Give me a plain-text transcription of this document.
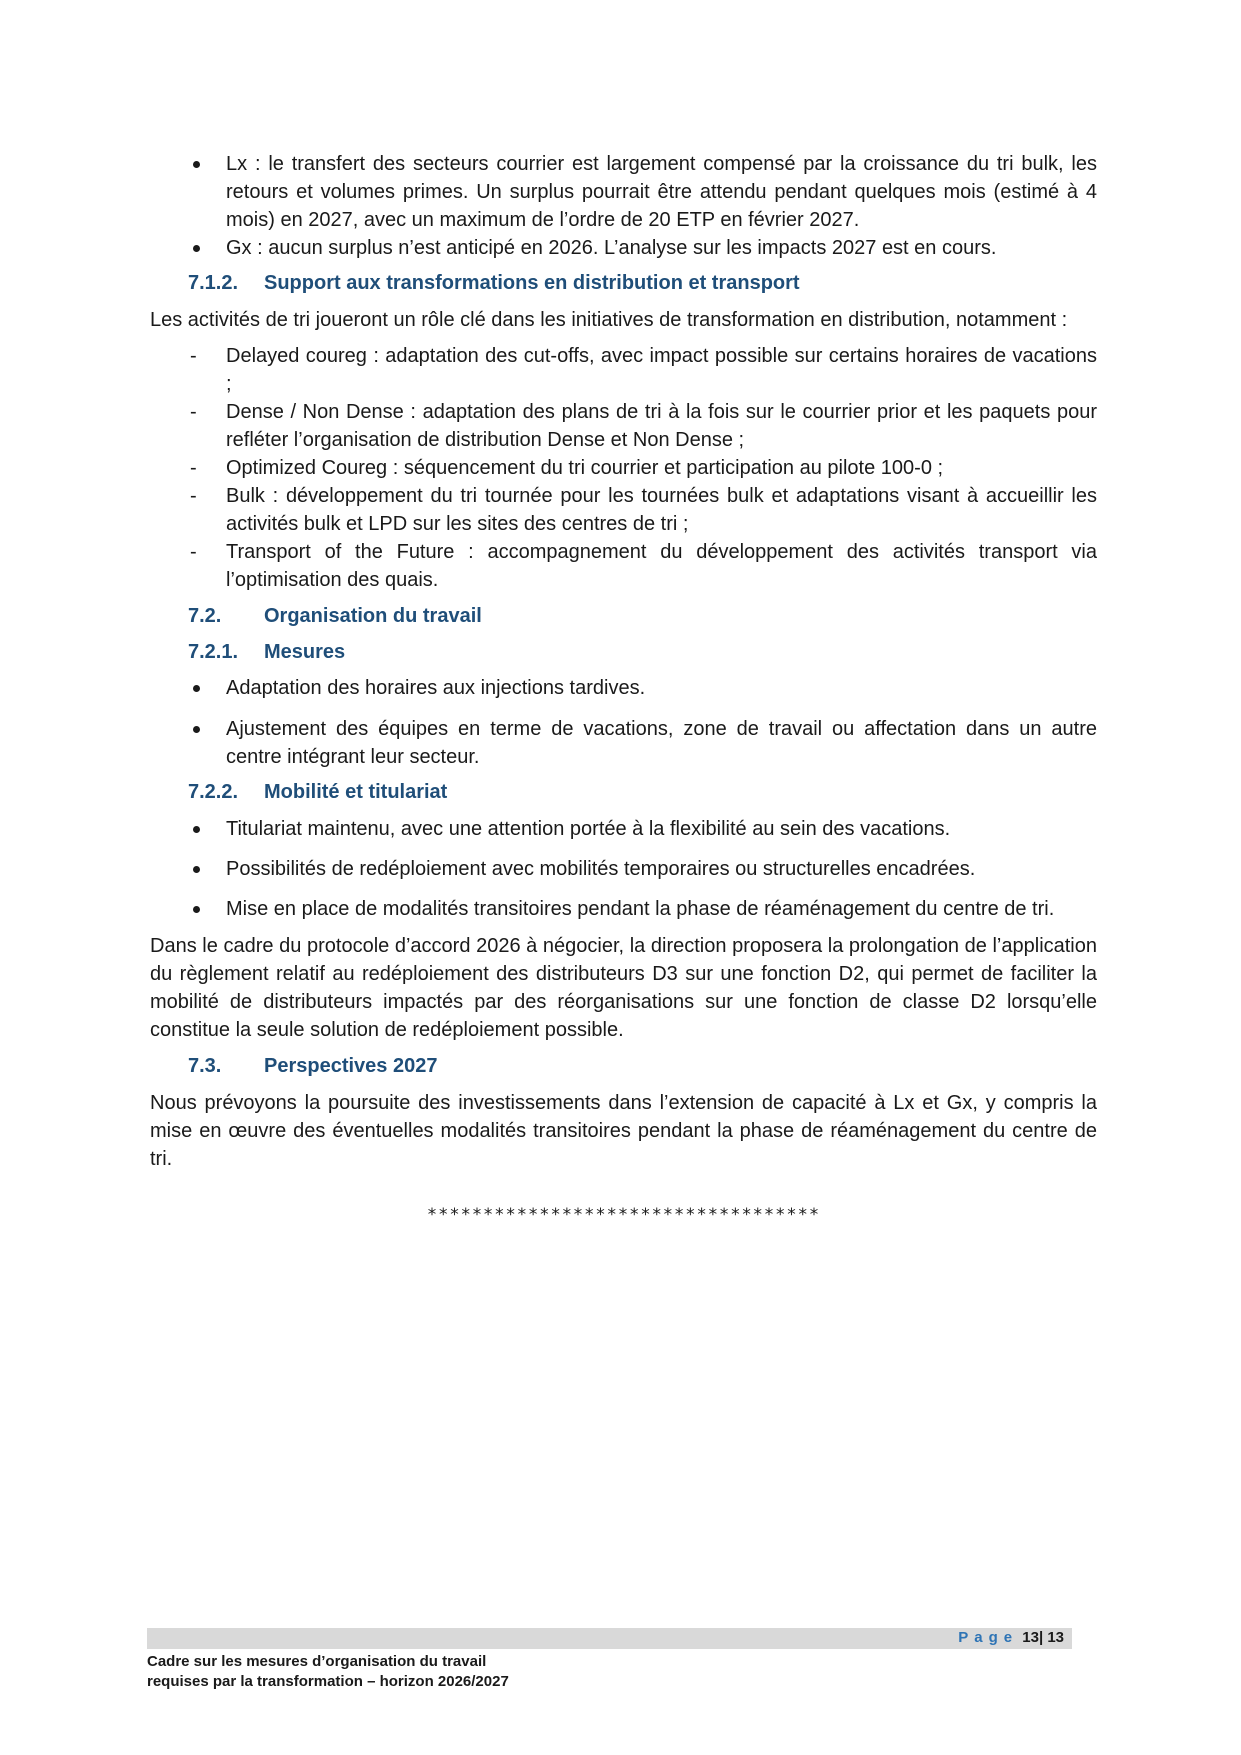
Lx : le transfert des secteurs courrier est largement compensé par la croissance du tri bulk, les retours et volumes primes. Un surplus pourrait être attendu pendant quelques mois (estimé à 4 mois) en 2027, avec un maximum de l’ordre de 20 ETP en février 2027.
Gx : aucun surplus n’est anticipé en 2026. L’analyse sur les impacts 2027 est en cours.
7.1.2. Support aux transformations en distribution et transport

Les activités de tri joueront un rôle clé dans les initiatives de transformation en distribution, notamment :

-	Delayed coureg : adaptation des cut-offs, avec impact possible sur certains horaires de vacations ;
-	Dense / Non Dense : adaptation des plans de tri à la fois sur le courrier prior et les paquets pour refléter l’organisation de distribution Dense et Non Dense ;
-	Optimized Coureg : séquencement du tri courrier et participation au pilote 100-0 ;
-	Bulk : développement du tri tournée pour les tournées bulk et adaptations visant à accueillir les activités bulk et LPD sur les sites des centres de tri ;
-	Transport of the Future : accompagnement du développement des activités transport via l’optimisation des quais.
7.2. Organisation du travail
7.2.1. Mesures
Adaptation des horaires aux injections tardives.
Ajustement des équipes en terme de vacations, zone de travail ou affectation dans un autre centre intégrant leur secteur.
7.2.2. Mobilité et titulariat
Titulariat maintenu, avec une attention portée à la flexibilité au sein des vacations.
Possibilités de redéploiement avec mobilités temporaires ou structurelles encadrées.
Mise en place de modalités transitoires pendant la phase de réaménagement du centre de tri.

Dans le cadre du protocole d’accord 2026 à négocier, la direction proposera la prolongation de l’application du règlement relatif au redéploiement des distributeurs D3 sur une fonction D2, qui permet de faciliter la mobilité de distributeurs impactés par des réorganisations sur une fonction de classe D2 lorsqu’elle constitue la seule solution de redéploiement possible.

7.3. Perspectives 2027

Nous prévoyons la poursuite des investissements dans l’extension de capacité à Lx et Gx, y compris la mise en œuvre des éventuelles modalités transitoires pendant la phase de réaménagement du centre de tri.

***********************************
Page 13| 13
Cadre sur les mesures d’organisation du travail
requises par la transformation – horizon 2026/2027
